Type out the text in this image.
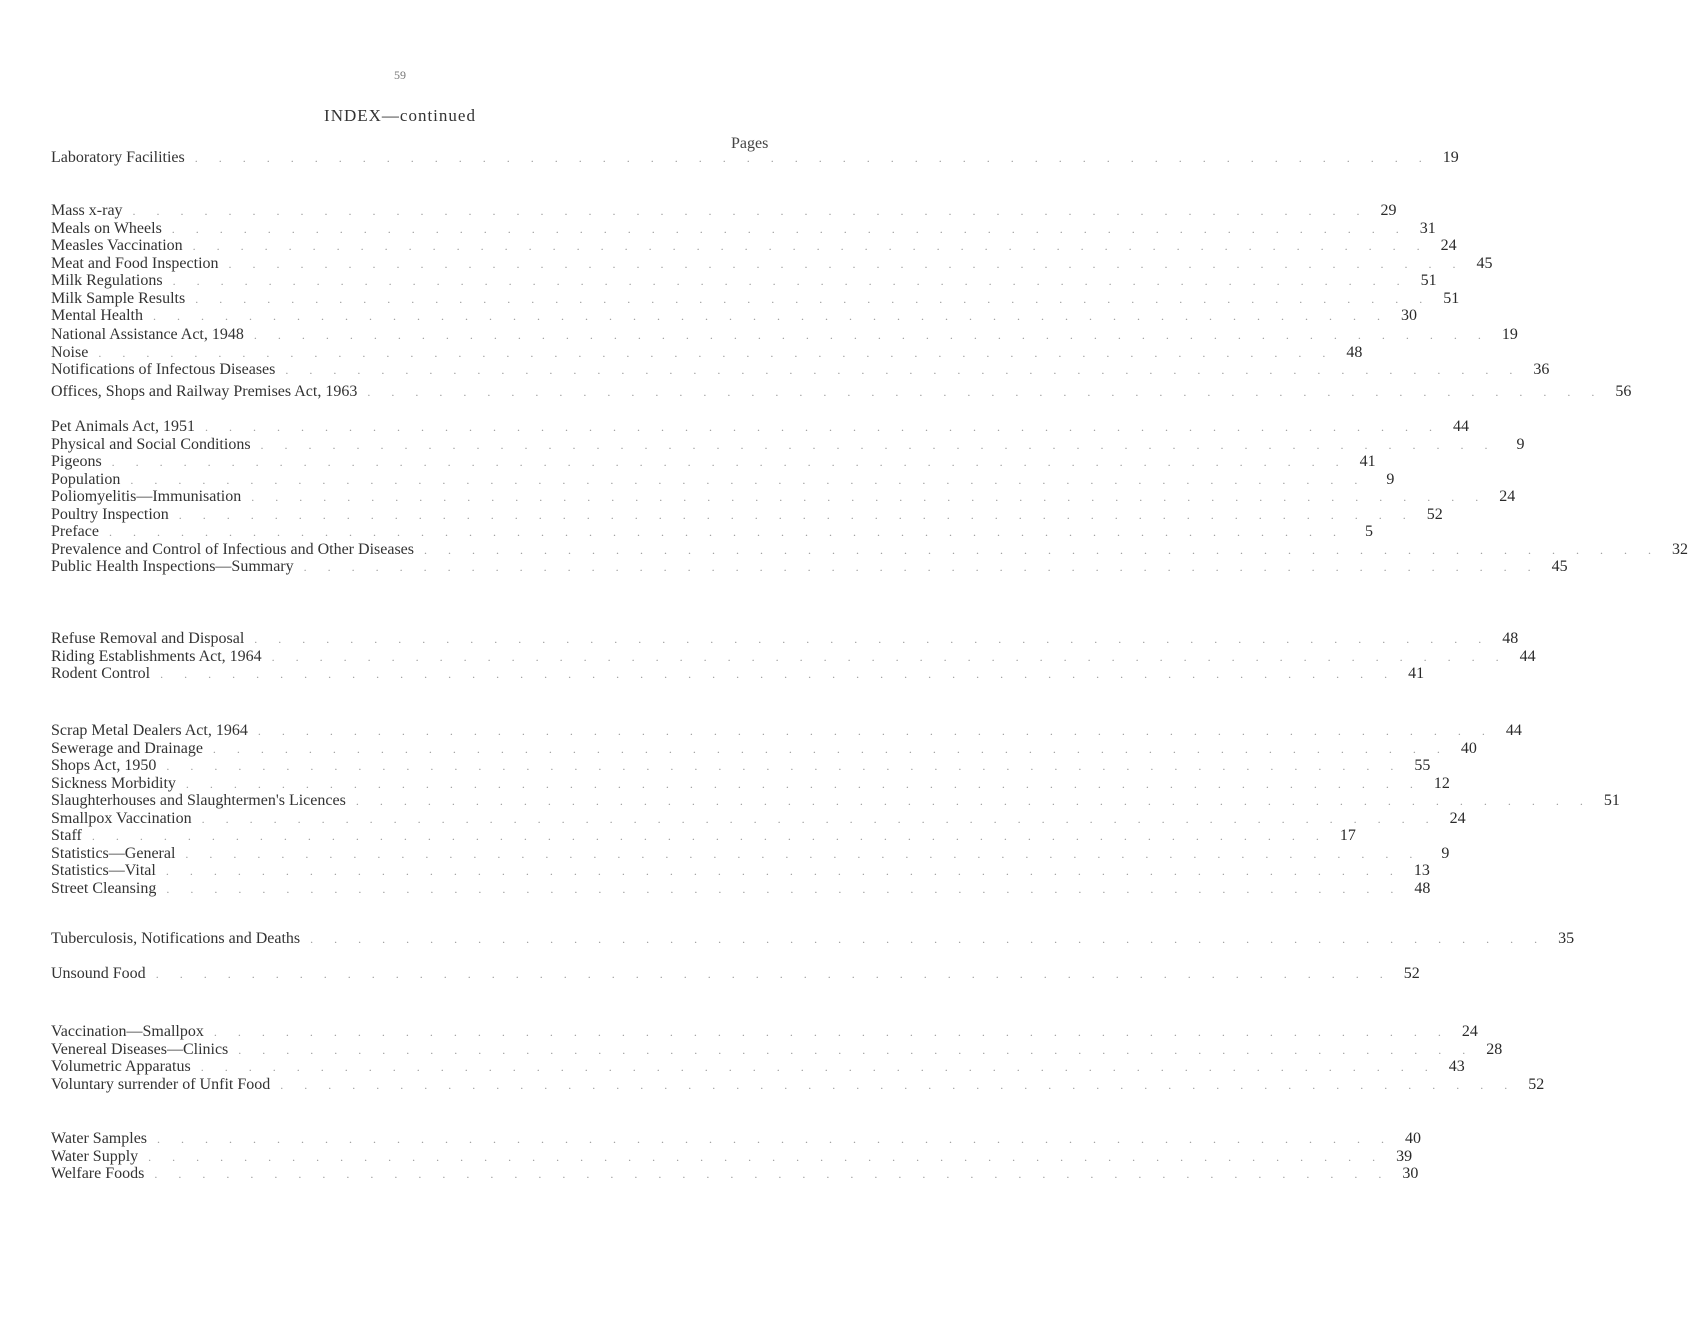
59
INDEX—continued
Pages
Laboratory Facilities . . . . . . . . . . . . . . . . . . . . . . . . . . . . . . . . . . . . . . . . . . . . . . . . . . . . 19
Mass x-ray . . . . . . . . . . . . . . . . . . . . . . . . . . . . . . . . . . . . . . . . . . . . . . . . . . . . 29
Meals on Wheels . . . . . . . . . . . . . . . . . . . . . . . . . . . . . . . . . . . . . . . . . . . . . . . . . . . . 31
Measles Vaccination . . . . . . . . . . . . . . . . . . . . . . . . . . . . . . . . . . . . . . . . . . . . . . . . . . . . 24
Meat and Food Inspection . . . . . . . . . . . . . . . . . . . . . . . . . . . . . . . . . . . . . . . . . . . . . . . . . . . . 45
Milk Regulations . . . . . . . . . . . . . . . . . . . . . . . . . . . . . . . . . . . . . . . . . . . . . . . . . . . . 51
Milk Sample Results . . . . . . . . . . . . . . . . . . . . . . . . . . . . . . . . . . . . . . . . . . . . . . . . . . . . 51
Mental Health . . . . . . . . . . . . . . . . . . . . . . . . . . . . . . . . . . . . . . . . . . . . . . . . . . . . 30
National Assistance Act, 1948 . . . . . . . . . . . . . . . . . . . . . . . . . . . . . . . . . . . . . . . . . . . . . . . . . . . . 19
Noise . . . . . . . . . . . . . . . . . . . . . . . . . . . . . . . . . . . . . . . . . . . . . . . . . . . . 48
Notifications of Infectous Diseases . . . . . . . . . . . . . . . . . . . . . . . . . . . . . . . . . . . . . . . . . . . . . . . . . . . . 36
Offices, Shops and Railway Premises Act, 1963 . . . . . . . . . . . . . . . . . . . . . . . . . . . . . . . . . . . . . . . . . . . . . . . . . . . . 56
Pet Animals Act, 1951 . . . . . . . . . . . . . . . . . . . . . . . . . . . . . . . . . . . . . . . . . . . . . . . . . . . . 44
Physical and Social Conditions . . . . . . . . . . . . . . . . . . . . . . . . . . . . . . . . . . . . . . . . . . . . . . . . . . . .	9
Pigeons . . . . . . . . . . . . . . . . . . . . . . . . . . . . . . . . . . . . . . . . . . . . . . . . . . . . 41
Population . . . . . . . . . . . . . . . . . . . . . . . . . . . . . . . . . . . . . . . . . . . . . . . . . . . .	9
Poliomyelitis—Immunisation . . . . . . . . . . . . . . . . . . . . . . . . . . . . . . . . . . . . . . . . . . . . . . . . . . . . 24
Poultry Inspection . . . . . . . . . . . . . . . . . . . . . . . . . . . . . . . . . . . . . . . . . . . . . . . . . . . . 52
Preface . . . . . . . . . . . . . . . . . . . . . . . . . . . . . . . . . . . . . . . . . . . . . . . . . . . .	5
Prevalence and Control of Infectious and Other Diseases . . . . . . . . . . . . . . . . . . . . . . . . . . . . . . . . . . . . . . . . . . . . . . . . . . . . 32
Public Health Inspections—Summary . . . . . . . . . . . . . . . . . . . . . . . . . . . . . . . . . . . . . . . . . . . . . . . . . . . . 45
Refuse Removal and Disposal . . . . . . . . . . . . . . . . . . . . . . . . . . . . . . . . . . . . . . . . . . . . . . . . . . . . 48
Riding Establishments Act, 1964 . . . . . . . . . . . . . . . . . . . . . . . . . . . . . . . . . . . . . . . . . . . . . . . . . . . . 44
Rodent Control . . . . . . . . . . . . . . . . . . . . . . . . . . . . . . . . . . . . . . . . . . . . . . . . . . . . 41
Scrap Metal Dealers Act, 1964 . . . . . . . . . . . . . . . . . . . . . . . . . . . . . . . . . . . . . . . . . . . . . . . . . . . . 44
Sewerage and Drainage . . . . . . . . . . . . . . . . . . . . . . . . . . . . . . . . . . . . . . . . . . . . . . . . . . . . 40
Shops Act, 1950 . . . . . . . . . . . . . . . . . . . . . . . . . . . . . . . . . . . . . . . . . . . . . . . . . . . . 55
Sickness Morbidity . . . . . . . . . . . . . . . . . . . . . . . . . . . . . . . . . . . . . . . . . . . . . . . . . . . . 12
Slaughterhouses and Slaughtermen's Licences . . . . . . . . . . . . . . . . . . . . . . . . . . . . . . . . . . . . . . . . . . . . . . . . . . . . 51
Smallpox Vaccination . . . . . . . . . . . . . . . . . . . . . . . . . . . . . . . . . . . . . . . . . . . . . . . . . . . . 24
Staff . . . . . . . . . . . . . . . . . . . . . . . . . . . . . . . . . . . . . . . . . . . . . . . . . . . . 17
Statistics—General . . . . . . . . . . . . . . . . . . . . . . . . . . . . . . . . . . . . . . . . . . . . . . . . . . . .	9
Statistics—Vital . . . . . . . . . . . . . . . . . . . . . . . . . . . . . . . . . . . . . . . . . . . . . . . . . . . . 13
Street Cleansing . . . . . . . . . . . . . . . . . . . . . . . . . . . . . . . . . . . . . . . . . . . . . . . . . . . . 48
Tuberculosis, Notifications and Deaths . . . . . . . . . . . . . . . . . . . . . . . . . . . . . . . . . . . . . . . . . . . . . . . . . . . . 35
Unsound Food . . . . . . . . . . . . . . . . . . . . . . . . . . . . . . . . . . . . . . . . . . . . . . . . . . . . 52
Vaccination—Smallpox . . . . . . . . . . . . . . . . . . . . . . . . . . . . . . . . . . . . . . . . . . . . . . . . . . . . 24
Venereal Diseases—Clinics . . . . . . . . . . . . . . . . . . . . . . . . . . . . . . . . . . . . . . . . . . . . . . . . . . . . 28
Volumetric Apparatus . . . . . . . . . . . . . . . . . . . . . . . . . . . . . . . . . . . . . . . . . . . . . . . . . . . . 43
Voluntary surrender of Unfit Food . . . . . . . . . . . . . . . . . . . . . . . . . . . . . . . . . . . . . . . . . . . . . . . . . . . . 52
Water Samples . . . . . . . . . . . . . . . . . . . . . . . . . . . . . . . . . . . . . . . . . . . . . . . . . . . . 40
Water Supply . . . . . . . . . . . . . . . . . . . . . . . . . . . . . . . . . . . . . . . . . . . . . . . . . . . . 39
Welfare Foods . . . . . . . . . . . . . . . . . . . . . . . . . . . . . . . . . . . . . . . . . . . . . . . . . . . . 30
